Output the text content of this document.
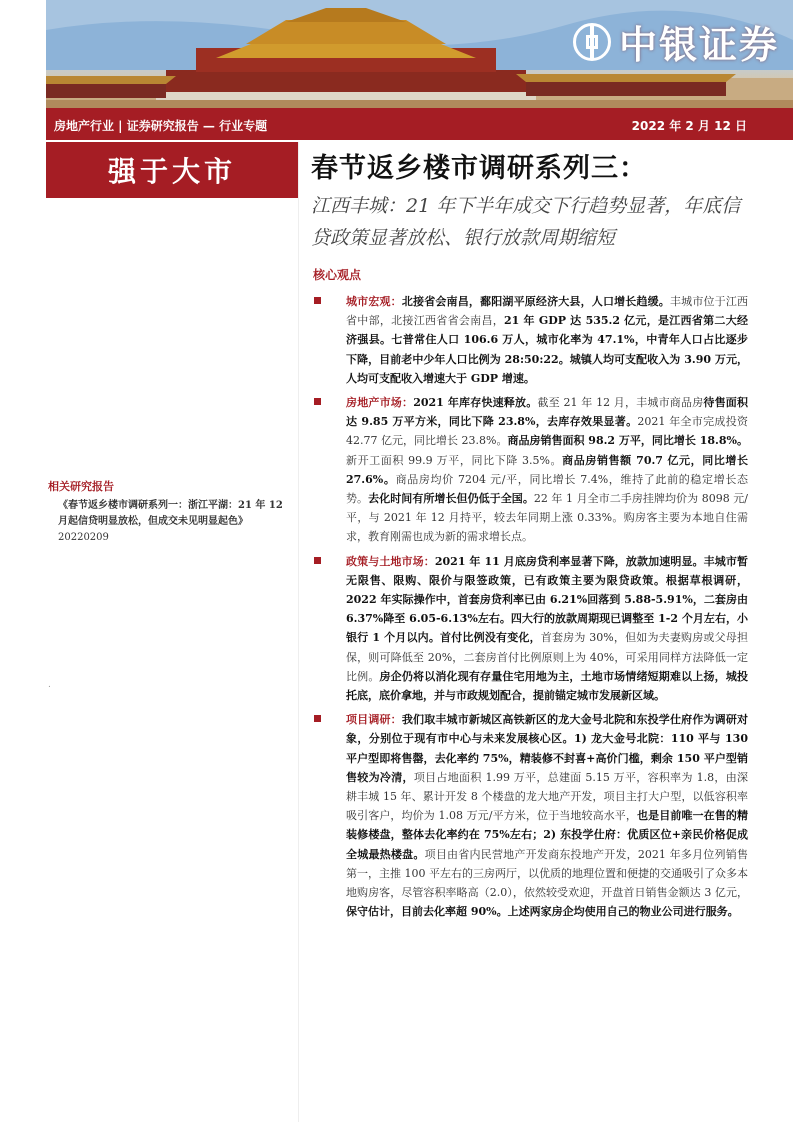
中银证券
房地产行业 | 证券研究报告 — 行业专题	2022 年 2 月 12 日
强于大市	春节返乡楼市调研系列三：
江西丰城：21 年下半年成交下行趋势显著，年底信贷政策显著放松、银行放款周期缩短
核心观点
城市宏观：北接省会南昌，鄱阳湖平原经济大县，人口增长趋缓。丰城市位于江西省中部，北接江西省省会南昌，21 年 GDP 达 535.2 亿元，是江西省第二大经济强县。七普常住人口 106.6 万人，城市化率为 47.1%，中青年人口占比逐步下降，目前老中少年人口比例为 28:50:22。城镇人均可支配收入为 3.90 万元，人均可支配收入增速大于 GDP 增速。
房地产市场：2021 年库存快速释放。截至 21 年 12 月，丰城市商品房待售面积达 9.85 万平方米，同比下降 23.8%，去库存效果显著。2021 年全市完成投资 42.77 亿元，同比增长 23.8%。商品房销售面积 98.2 万平，同比增长 18.8%。新开工面积 99.9 万平，同比下降 3.5%。商品房销售额 70.7 亿元，同比增长 27.6%。商品房均价 7204 元/平，同比增长 7.4%，维持了此前的稳定增长态势。去化时间有所增长但仍低于全国。22 年 1 月全市二手房挂牌均价为 8098 元/平，与 2021 年 12 月持平，较去年同期上涨 0.33%。购房客主要为本地自住需求，教育刚需也成为新的需求增长点。
政策与土地市场：2021 年 11 月底房贷利率显著下降，放款加速明显。丰城市暂无限售、限购、限价与限签政策，已有政策主要为限贷政策。根据草根调研，2022 年实际操作中，首套房贷利率已由 6.21%回落到 5.88-5.91%，二套房由 6.37%降至 6.05-6.13%左右。四大行的放款周期现已调整至 1-2 个月左右，小银行 1 个月以内。首付比例没有变化，首套房为 30%，但如为夫妻购房或父母担保，则可降低至 20%，二套房首付比例原则上为 40%，可采用同样方法降低一定比例。房企仍将以消化现有存量住宅用地为主，土地市场情绪短期难以上扬，城投托底，底价拿地，并与市政规划配合，提前锚定城市发展新区域。
项目调研：我们取丰城市新城区高铁新区的龙大金号北院和东投学仕府作为调研对象，分别位于现有市中心与未来发展核心区。1) 龙大金号北院：110 平与 130 平户型即将售罄，去化率约 75%，精装修不封喜+高价门槛，剩余 150 平户型销售较为冷清，项目占地面积 1.99 万平，总建面 5.15 万平，容积率为 1.8，由深耕丰城 15 年、累计开发 8 个楼盘的龙大地产开发，项目主打大户型，以低容积率吸引客户，均价为 1.08 万元/平方米，位于当地较高水平，也是目前唯一在售的精装修楼盘，整体去化率约在 75%左右；2) 东投学仕府：优质区位+亲民价格促成全城最热楼盘。项目由省内民营地产开发商东投地产开发，2021 年多月位列销售第一，主推 100 平左右的三房两厅，以优质的地理位置和便捷的交通吸引了众多本地购房客，尽管容积率略高（2.0），依然较受欢迎，开盘首日销售金额达 3 亿元，保守估计，目前去化率超 90%。上述两家房企均使用自己的物业公司进行服务。
相关研究报告
《春节返乡楼市调研系列一：浙江平湖：21 年 12 月起信贷明显放松，但成交未见明显起色》 20220209
.
